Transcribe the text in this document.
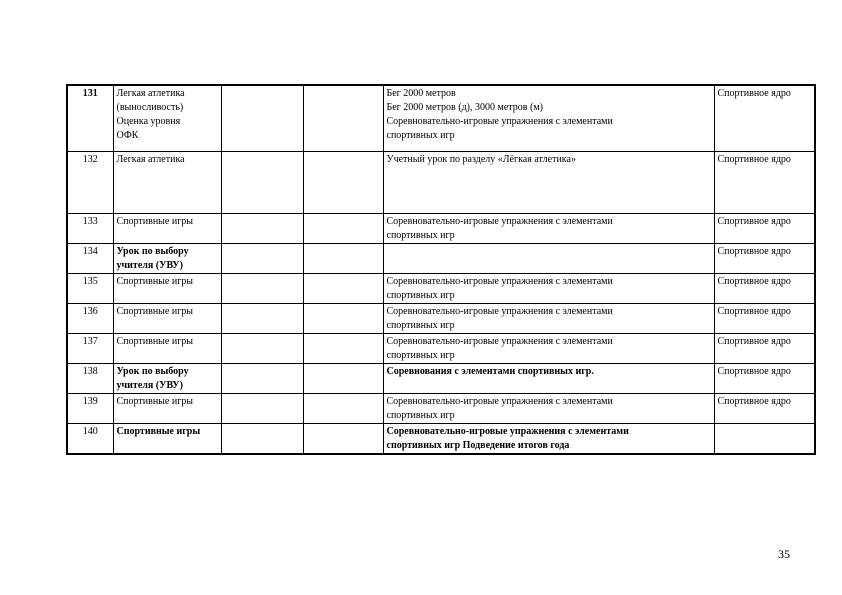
131	Легкая атлетика
(выносливость)
Оценка уровня
ОФК			Бег 2000 метров
Бег 2000 метров (д), 3000 метров (м)
Соревновательно-игровые упражнения с элементами
спортивных игр	Спортивное ядро
132	Легкая атлетика			Учетный урок по разделу «Лёгкая атлетика»	Спортивное ядро
133	Спортивные игры			Соревновательно-игровые упражнения с элементами
спортивных игр	Спортивное ядро
134	Урок по выбору
учителя (УВУ)				Спортивное ядро
135	Спортивные игры			Соревновательно-игровые упражнения с элементами
спортивных игр	Спортивное ядро
136	Спортивные игры			Соревновательно-игровые упражнения с элементами
спортивных игр	Спортивное ядро
137	Спортивные игры			Соревновательно-игровые упражнения с элементами
спортивных игр	Спортивное ядро
138	Урок по выбору
учителя (УВУ)			Соревнования с элементами спортивных игр.	Спортивное ядро
139	Спортивные игры			Соревновательно-игровые упражнения с элементами
спортивных игр	Спортивное ядро
140	Спортивные игры			Соревновательно-игровые упражнения с элементами
спортивных игр Подведение итогов года	
35
